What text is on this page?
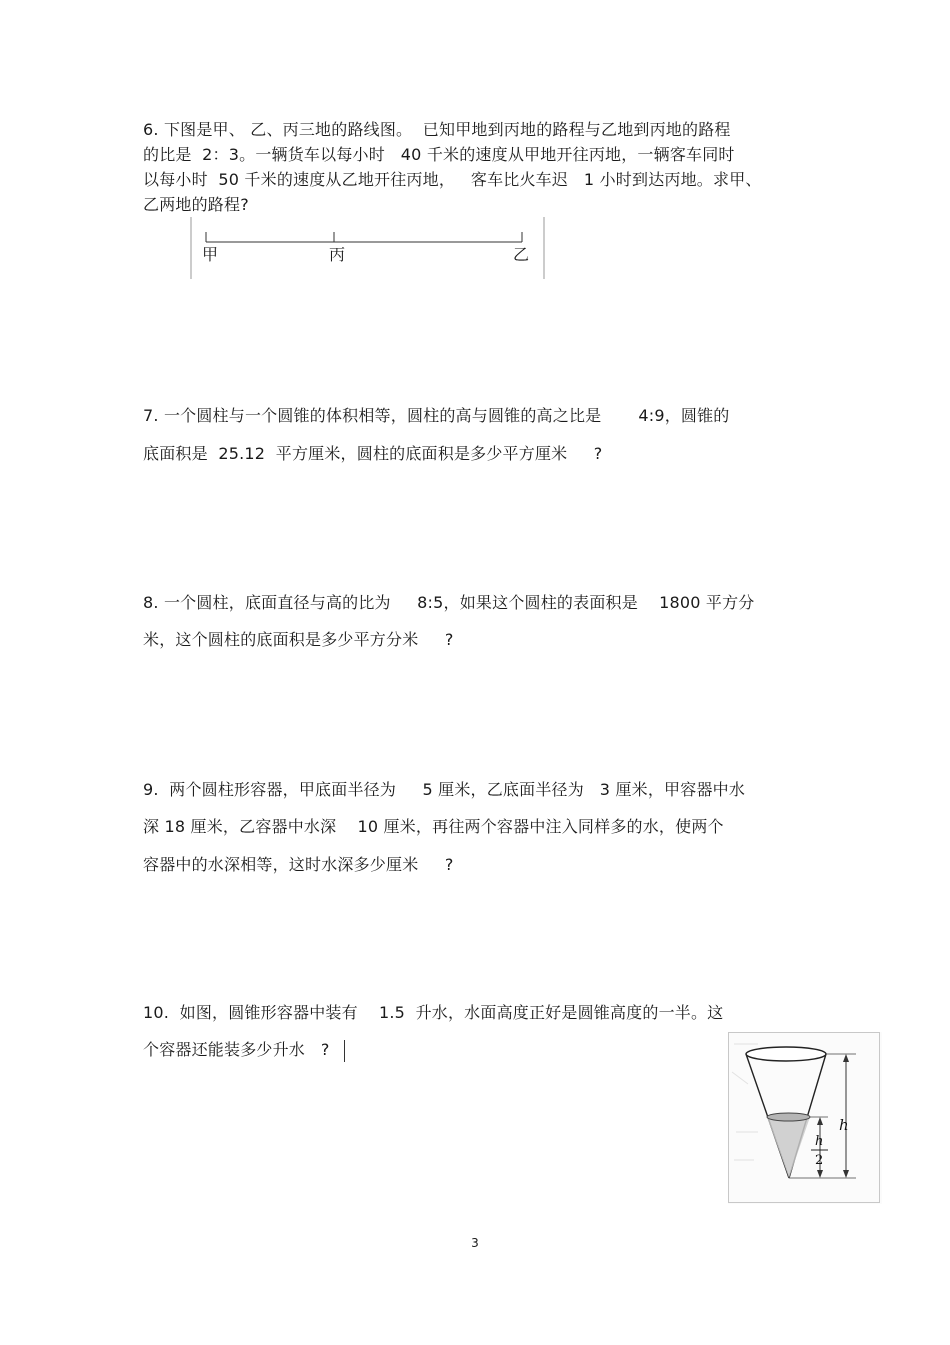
6. 下图是甲、 乙、丙三地的路线图。  已知甲地到丙地的路程与乙地到丙地的路程
的比是  2：3。一辆货车以每小时   40 千米的速度从甲地开往丙地，一辆客车同时
以每小时  50 千米的速度从乙地开往丙地，   客车比火车迟   1 小时到达丙地。求甲、
乙两地的路程?
甲	丙	乙
7. 一个圆柱与一个圆锥的体积相等，圆柱的高与圆锥的高之比是       4:9，圆锥的
底面积是  25.12  平方厘米，圆柱的底面积是多少平方厘米     ?
8. 一个圆柱，底面直径与高的比为     8:5，如果这个圆柱的表面积是    1800 平方分
米，这个圆柱的底面积是多少平方分米     ?
9.  两个圆柱形容器，甲底面半径为     5 厘米，乙底面半径为   3 厘米，甲容器中水
深 18 厘米，乙容器中水深    10 厘米，再往两个容器中注入同样多的水，使两个
容器中的水深相等，这时水深多少厘米     ?
10.  如图，圆锥形容器中装有    1.5  升水，水面高度正好是圆锥高度的一半。这
个容器还能装多少升水   ?
h
h
2
3
